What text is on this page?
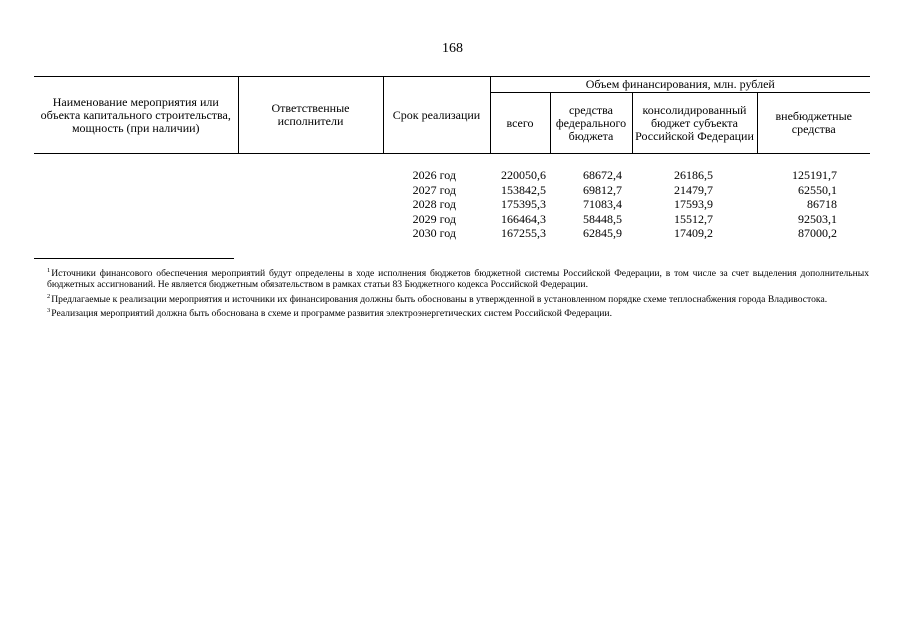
168
Наименование мероприятия или объекта капитального строительства, мощность (при наличии)	Ответственные исполнители	Срок реализации	Объем финансирования, млн. рублей			
			всего	средства федерального бюджета	консолидированный бюджет субъекта Российской Федерации	внебюджетные средства

		2026 год	220050,6	68672,4	26186,5	125191,7
		2027 год	153842,5	69812,7	21479,7	62550,1
		2028 год	175395,3	71083,4	17593,9	86718
		2029 год	166464,3	58448,5	15512,7	92503,1
		2030 год	167255,3	62845,9	17409,2	87000,2

$^1$Источники финансового обеспечения мероприятий будут определены в ходе исполнения бюджетов бюджетной системы Российской Федерации, в том числе за счет выделения дополнительных бюджетных ассигнований. Не является бюджетным обязательством в рамках статьи 83 Бюджетного кодекса Российской Федерации.

$^2$Предлагаемые к реализации мероприятия и источники их финансирования должны быть обоснованы в утвержденной в установленном порядке схеме теплоснабжения города Владивостока.

$^3$Реализация мероприятий должна быть обоснована в схеме и программе развития электроэнергетических систем Российской Федерации.
